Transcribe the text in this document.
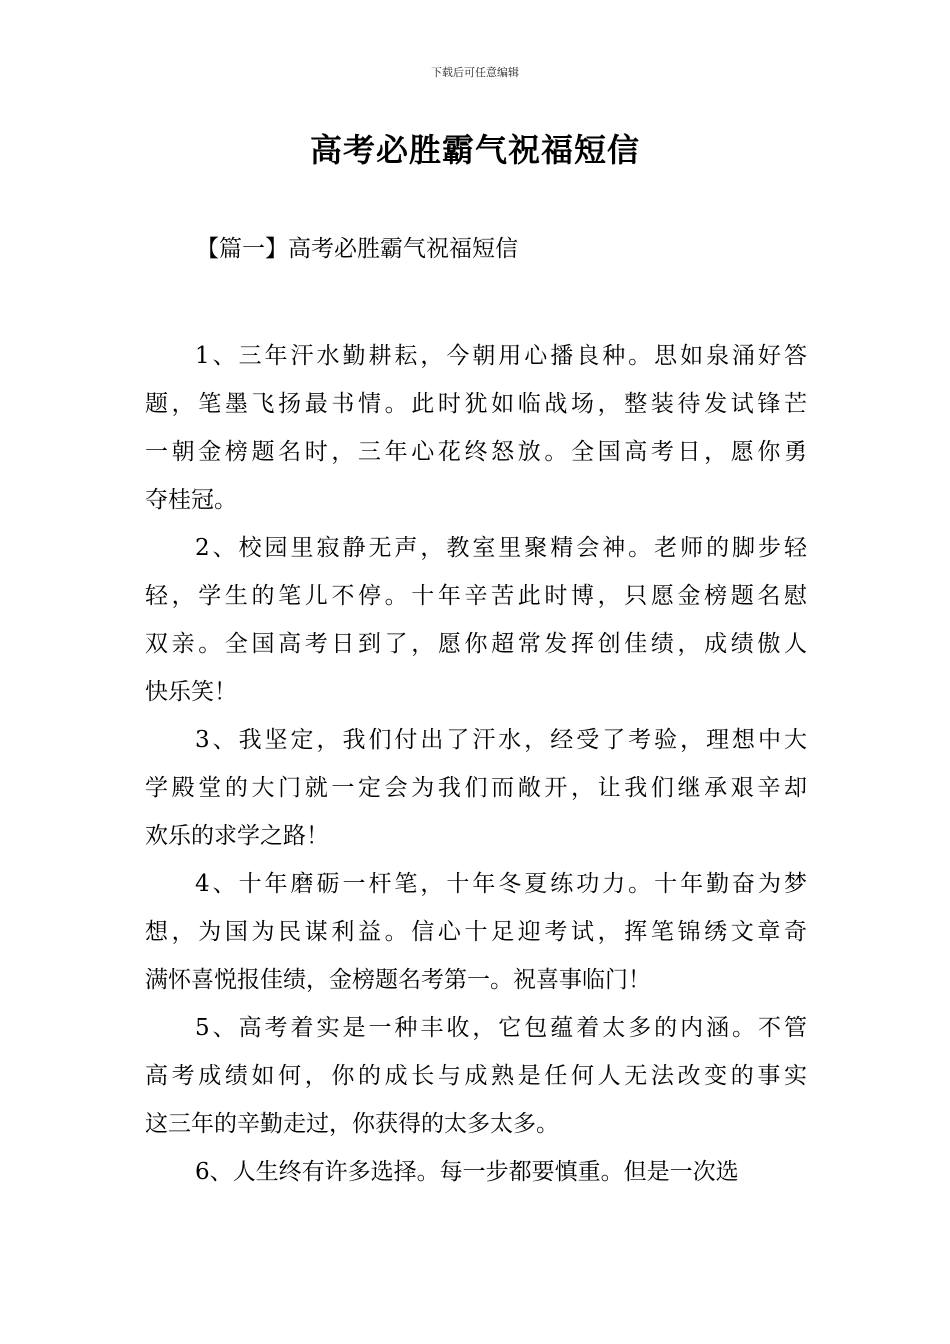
下载后可任意编辑
高考必胜霸气祝福短信
【篇一】高考必胜霸气祝福短信
1、三年汗水勤耕耘，今朝用心播良种。思如泉涌好答
题，笔墨飞扬最书情。此时犹如临战场，整装待发试锋芒
一朝金榜题名时，三年心花终怒放。全国高考日，愿你勇
夺桂冠。
2、校园里寂静无声，教室里聚精会神。老师的脚步轻
轻，学生的笔儿不停。十年辛苦此时博，只愿金榜题名慰
双亲。全国高考日到了，愿你超常发挥创佳绩，成绩傲人
快乐笑！
3、我坚定，我们付出了汗水，经受了考验，理想中大
学殿堂的大门就一定会为我们而敞开，让我们继承艰辛却
欢乐的求学之路！
4、十年磨砺一杆笔，十年冬夏练功力。十年勤奋为梦
想，为国为民谋利益。信心十足迎考试，挥笔锦绣文章奇
满怀喜悦报佳绩，金榜题名考第一。祝喜事临门！
5、高考着实是一种丰收，它包蕴着太多的内涵。不管
高考成绩如何，你的成长与成熟是任何人无法改变的事实
这三年的辛勤走过，你获得的太多太多。
6、人生终有许多选择。每一步都要慎重。但是一次选
